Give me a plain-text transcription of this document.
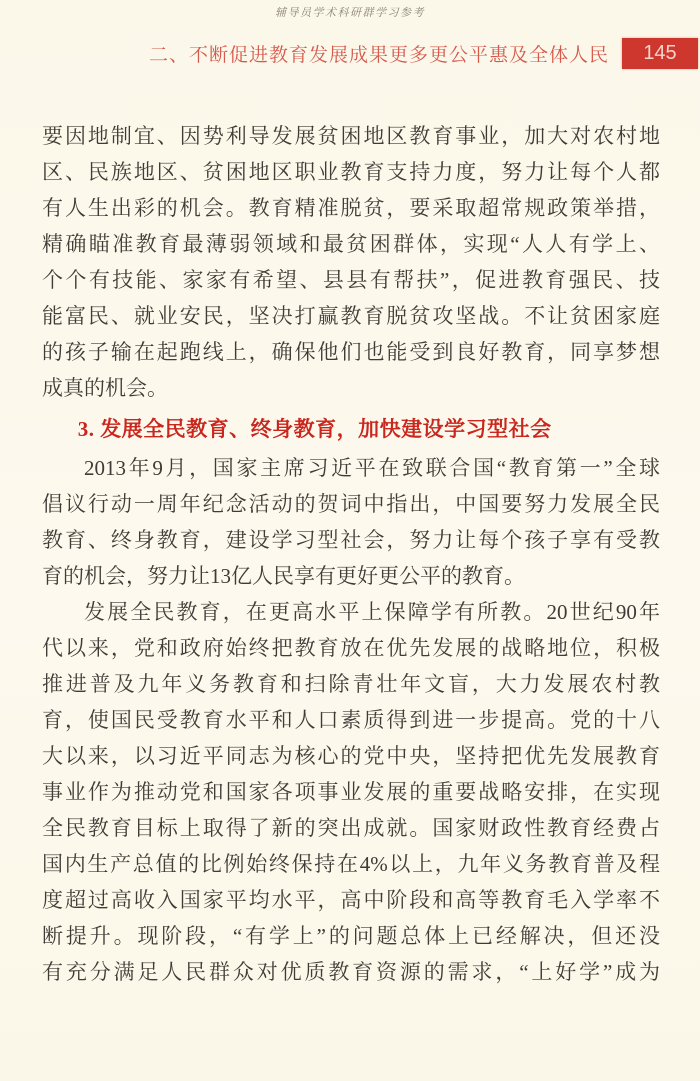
辅导员学术科研群学习参考
二、不断促进教育发展成果更多更公平惠及全体人民 145
要因地制宜、因势利导发展贫困地区教育事业，加大对农村地
区、民族地区、贫困地区职业教育支持力度，努力让每个人都
有人生出彩的机会。教育精准脱贫，要采取超常规政策举措，
精确瞄准教育最薄弱领域和最贫困群体，实现“人人有学上、
个个有技能、家家有希望、县县有帮扶”，促进教育强民、技
能富民、就业安民，坚决打赢教育脱贫攻坚战。不让贫困家庭
的孩子输在起跑线上，确保他们也能受到良好教育，同享梦想
成真的机会。
3. 发展全民教育、终身教育，加快建设学习型社会
2013年9月，国家主席习近平在致联合国“教育第一”全球
倡议行动一周年纪念活动的贺词中指出，中国要努力发展全民
教育、终身教育，建设学习型社会，努力让每个孩子享有受教
育的机会，努力让13亿人民享有更好更公平的教育。
发展全民教育，在更高水平上保障学有所教。20世纪90年
代以来，党和政府始终把教育放在优先发展的战略地位，积极
推进普及九年义务教育和扫除青壮年文盲，大力发展农村教
育，使国民受教育水平和人口素质得到进一步提高。党的十八
大以来，以习近平同志为核心的党中央，坚持把优先发展教育
事业作为推动党和国家各项事业发展的重要战略安排，在实现
全民教育目标上取得了新的突出成就。国家财政性教育经费占
国内生产总值的比例始终保持在4%以上，九年义务教育普及程
度超过高收入国家平均水平，高中阶段和高等教育毛入学率不
断提升。现阶段，“有学上”的问题总体上已经解决，但还没
有充分满足人民群众对优质教育资源的需求，“上好学”成为
